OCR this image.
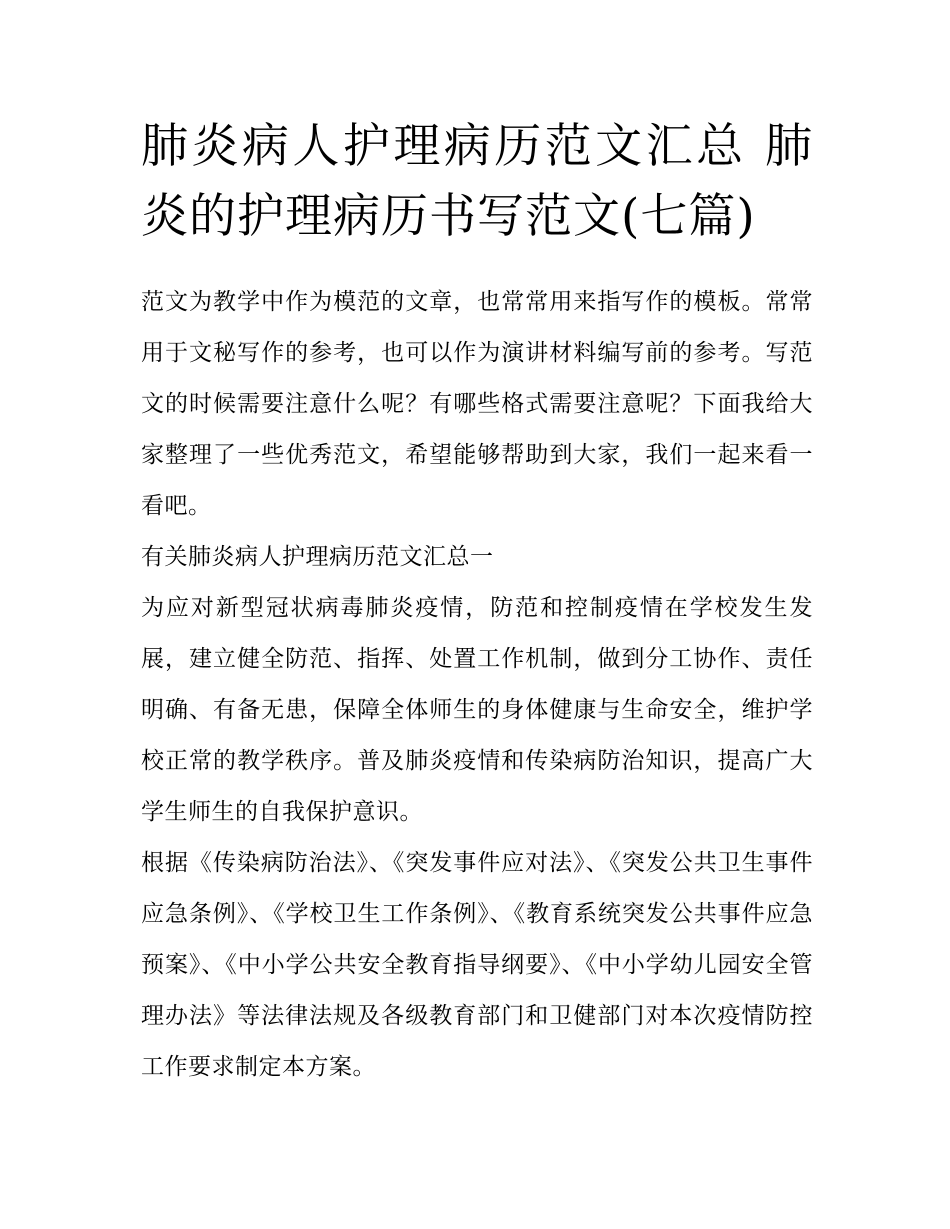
肺炎病人护理病历范文汇总 肺炎的护理病历书写范文(七篇)

范文为教学中作为模范的文章，也常常用来指写作的模板。常常用于文秘写作的参考，也可以作为演讲材料编写前的参考。写范文的时候需要注意什么呢？有哪些格式需要注意呢？下面我给大家整理了一些优秀范文，希望能够帮助到大家，我们一起来看一看吧。

有关肺炎病人护理病历范文汇总一

为应对新型冠状病毒肺炎疫情，防范和控制疫情在学校发生发展，建立健全防范、指挥、处置工作机制，做到分工协作、责任明确、有备无患，保障全体师生的身体健康与生命安全，维护学校正常的教学秩序。普及肺炎疫情和传染病防治知识，提高广大学生师生的自我保护意识。

根据《传染病防治法》、《突发事件应对法》、《突发公共卫生事件应急条例》、《学校卫生工作条例》、《教育系统突发公共事件应急预案》、《中小学公共安全教育指导纲要》、《中小学幼儿园安全管理办法》等法律法规及各级教育部门和卫健部门对本次疫情防控工作要求制定本方案。
